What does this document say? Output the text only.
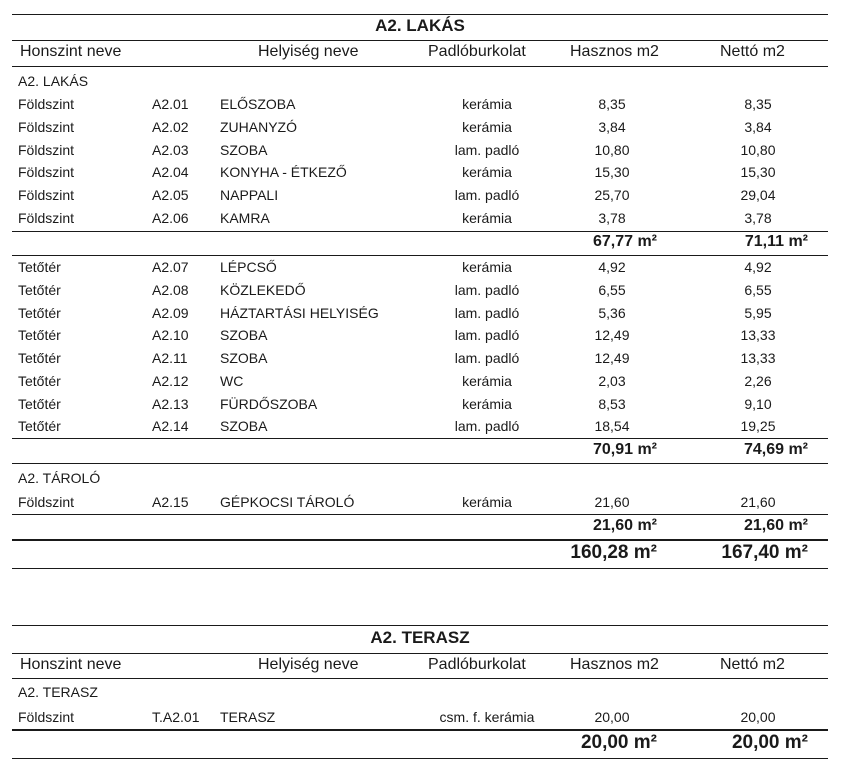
A2. LAKÁS
Honszint neve	Helyiség neve	Padlóburkolat	Hasznos m2	Nettó m2
A2. LAKÁS
Földszint	A2.01 ELŐSZOBA	kerámia	8,35	8,35
Földszint	A2.02 ZUHANYZÓ	kerámia	3,84	3,84
Földszint	A2.03 SZOBA	lam. padló	10,80	10,80
Földszint	A2.04 KONYHA - ÉTKEZŐ	kerámia	15,30	15,30
Földszint	A2.05 NAPPALI	lam. padló	25,70	29,04
Földszint	A2.06 KAMRA	kerámia	3,78	3,78
67,77 m²	71,11 m²
Tetőtér	A2.07 LÉPCSŐ	kerámia	4,92	4,92
Tetőtér	A2.08 KÖZLEKEDŐ	lam. padló	6,55	6,55
Tetőtér	A2.09 HÁZTARTÁSI HELYISÉG	lam. padló	5,36	5,95
Tetőtér	A2.10 SZOBA	lam. padló	12,49	13,33
Tetőtér	A2.11 SZOBA	lam. padló	12,49	13,33
Tetőtér	A2.12 WC	kerámia	2,03	2,26
Tetőtér	A2.13 FÜRDŐSZOBA	kerámia	8,53	9,10
Tetőtér	A2.14 SZOBA	lam. padló	18,54	19,25
70,91 m²	74,69 m²
A2. TÁROLÓ
Földszint	A2.15 GÉPKOCSI TÁROLÓ	kerámia	21,60	21,60
21,60 m²	21,60 m²
160,28 m²	167,40 m²
A2. TERASZ
Honszint neve	Helyiség neve	Padlóburkolat	Hasznos m2	Nettó m2
A2. TERASZ
Földszint	T.A2.01 TERASZ	csm. f. kerámia	20,00	20,00
20,00 m²	20,00 m²
